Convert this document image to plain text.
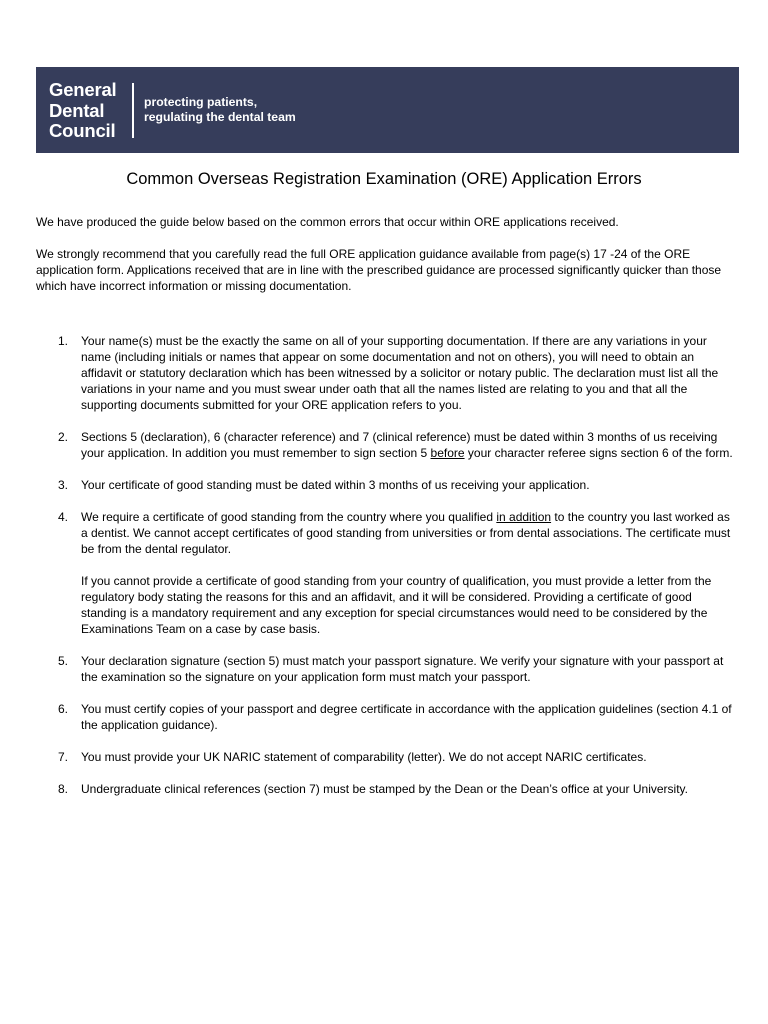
General
Dental
Council
protecting patients,
regulating the dental team
Common Overseas Registration Examination (ORE) Application Errors
We have produced the guide below based on the common errors that occur within ORE applications received.
We strongly recommend that you carefully read the full ORE application guidance available from page(s) 17 -24 of the ORE application form. Applications received that are in line with the prescribed guidance are processed significantly quicker than those which have incorrect information or missing documentation.
1. Your name(s) must be the exactly the same on all of your supporting documentation. If there are any variations in your name (including initials or names that appear on some documentation and not on others), you will need to obtain an affidavit or statutory declaration which has been witnessed by a solicitor or notary public. The declaration must list all the variations in your name and you must swear under oath that all the names listed are relating to you and that all the supporting documents submitted for your ORE application refers to you.

2. Sections 5 (declaration), 6 (character reference) and 7 (clinical reference) must be dated within 3 months of us receiving your application. In addition you must remember to sign section 5 before your character referee signs section 6 of the form.

3. Your certificate of good standing must be dated within 3 months of us receiving your application.

4. We require a certificate of good standing from the country where you qualified in addition to the country you last worked as a dentist. We cannot accept certificates of good standing from universities or from dental associations. The certificate must be from the dental regulator.

If you cannot provide a certificate of good standing from your country of qualification, you must provide a letter from the regulatory body stating the reasons for this and an affidavit, and it will be considered. Providing a certificate of good standing is a mandatory requirement and any exception for special circumstances would need to be considered by the Examinations Team on a case by case basis.

5. Your declaration signature (section 5) must match your passport signature. We verify your signature with your passport at the examination so the signature on your application form must match your passport.

6. You must certify copies of your passport and degree certificate in accordance with the application guidelines (section 4.1 of the application guidance).

7. You must provide your UK NARIC statement of comparability (letter). We do not accept NARIC certificates.

8. Undergraduate clinical references (section 7) must be stamped by the Dean or the Dean’s office at your University.
